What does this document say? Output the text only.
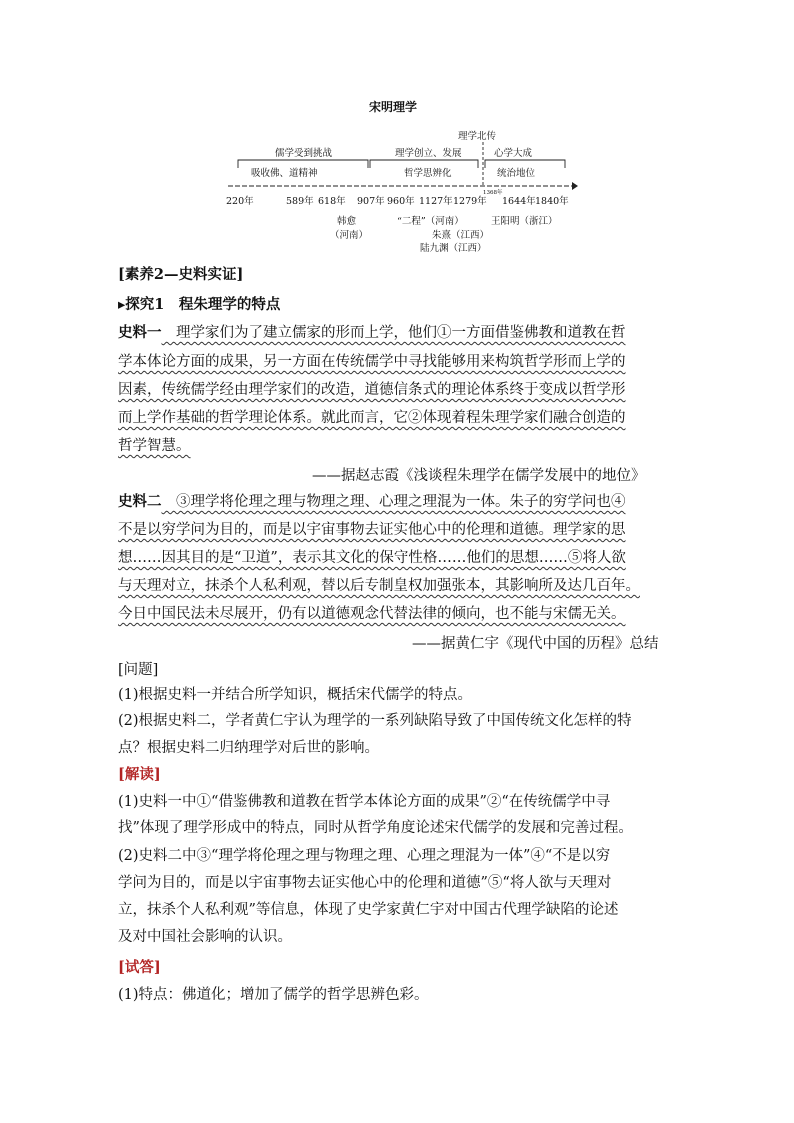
宋明理学
理学北传
儒学受到挑战	理学创立、发展	心学大成
吸收佛、道精神	哲学思辨化	统治地位
220年	589年 618年 907年 960年 1127年 1279年
1368年
1644年 1840年
韩愈
（河南）
“二程”（河南）
朱熹（江西）
陆九渊（江西）
王阳明（浙江）
[素养2—史料实证]
▸探究1　程朱理学的特点
史料一　理学家们为了建立儒家的形而上学，他们①一方面借鉴佛教和道教在哲
学本体论方面的成果，另一方面在传统儒学中寻找能够用来构筑哲学形而上学的
因素，传统儒学经由理学家们的改造，道德信条式的理论体系终于变成以哲学形
而上学作基础的哲学理论体系。就此而言，它②体现着程朱理学家们融合创造的
哲学智慧。
——据赵志霞《浅谈程朱理学在儒学发展中的地位》
史料二　③理学将伦理之理与物理之理、心理之理混为一体。朱子的穷学问也④
不是以穷学问为目的，而是以宇宙事物去证实他心中的伦理和道德。理学家的思
想……因其目的是“卫道”，表示其文化的保守性格……他们的思想……⑤将人欲
与天理对立，抹杀个人私利观，替以后专制皇权加强张本，其影响所及达几百年。
今日中国民法未尽展开，仍有以道德观念代替法律的倾向，也不能与宋儒无关。
——据黄仁宇《现代中国的历程》总结
[问题]
(1)根据史料一并结合所学知识，概括宋代儒学的特点。
(2)根据史料二，学者黄仁宇认为理学的一系列缺陷导致了中国传统文化怎样的特
点？根据史料二归纳理学对后世的影响。
[解读]
(1)史料一中①“借鉴佛教和道教在哲学本体论方面的成果”②“在传统儒学中寻
找”体现了理学形成中的特点，同时从哲学角度论述宋代儒学的发展和完善过程。
(2)史料二中③“理学将伦理之理与物理之理、心理之理混为一体”④“不是以穷
学问为目的，而是以宇宙事物去证实他心中的伦理和道德”⑤“将人欲与天理对
立，抹杀个人私利观”等信息，体现了史学家黄仁宇对中国古代理学缺陷的论述
及对中国社会影响的认识。
[试答]
(1)特点：佛道化；增加了儒学的哲学思辨色彩。
